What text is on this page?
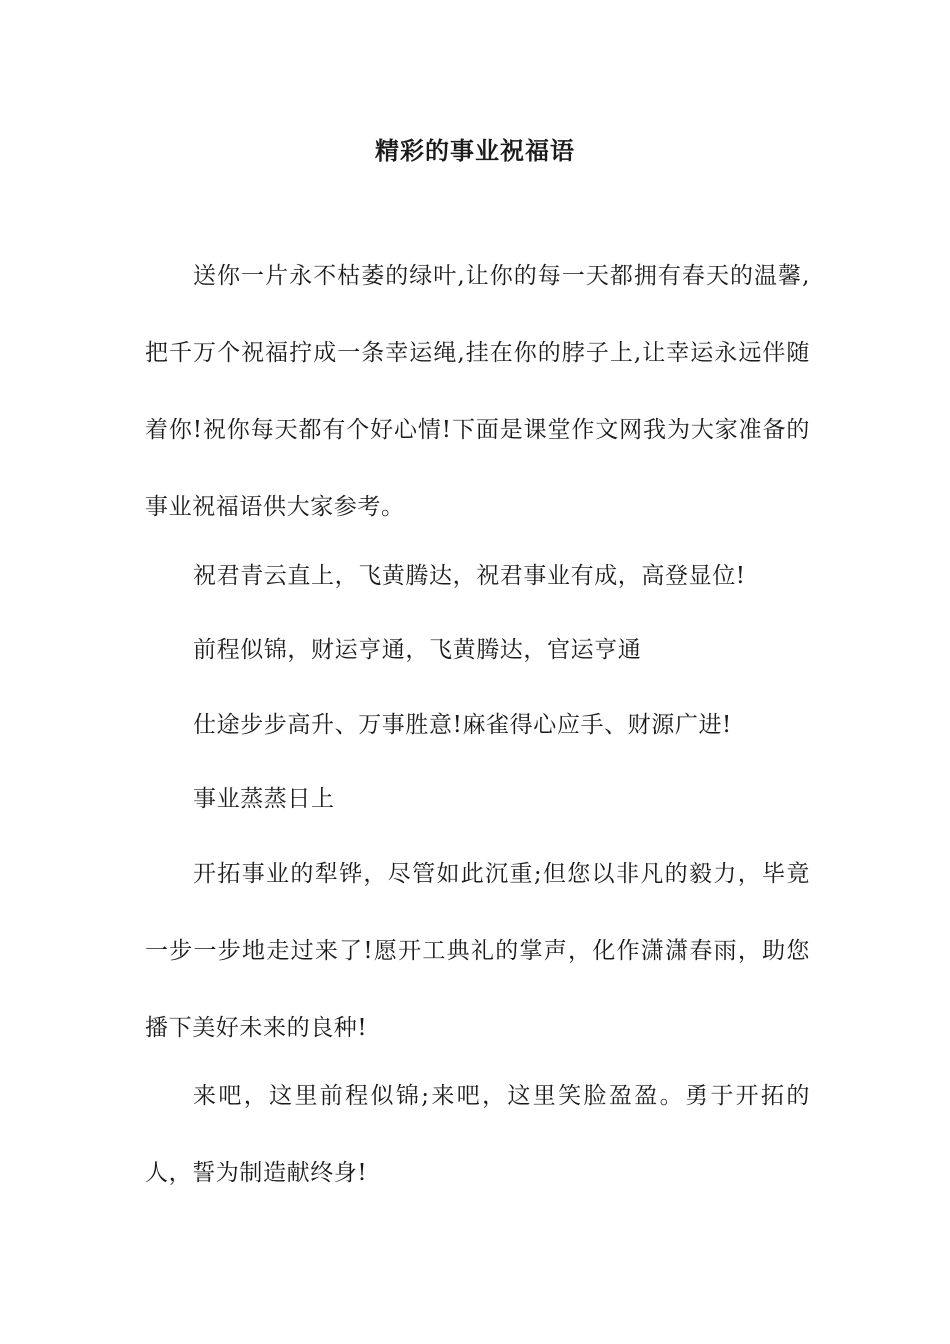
精彩的事业祝福语

送你一片永不枯萎的绿叶,让你的每一天都拥有春天的温馨,把千万个祝福拧成一条幸运绳,挂在你的脖子上,让幸运永远伴随着你!祝你每天都有个好心情!下面是课堂作文网我为大家准备的事业祝福语供大家参考。

祝君青云直上，飞黄腾达，祝君事业有成，高登显位!

前程似锦，财运亨通，飞黄腾达，官运亨通

仕途步步高升、万事胜意!麻雀得心应手、财源广进!

事业蒸蒸日上

开拓事业的犁铧，尽管如此沉重;但您以非凡的毅力，毕竟一步一步地走过来了!愿开工典礼的掌声，化作潇潇春雨，助您播下美好未来的良种!

来吧，这里前程似锦;来吧，这里笑脸盈盈。勇于开拓的人，誓为制造献终身!
